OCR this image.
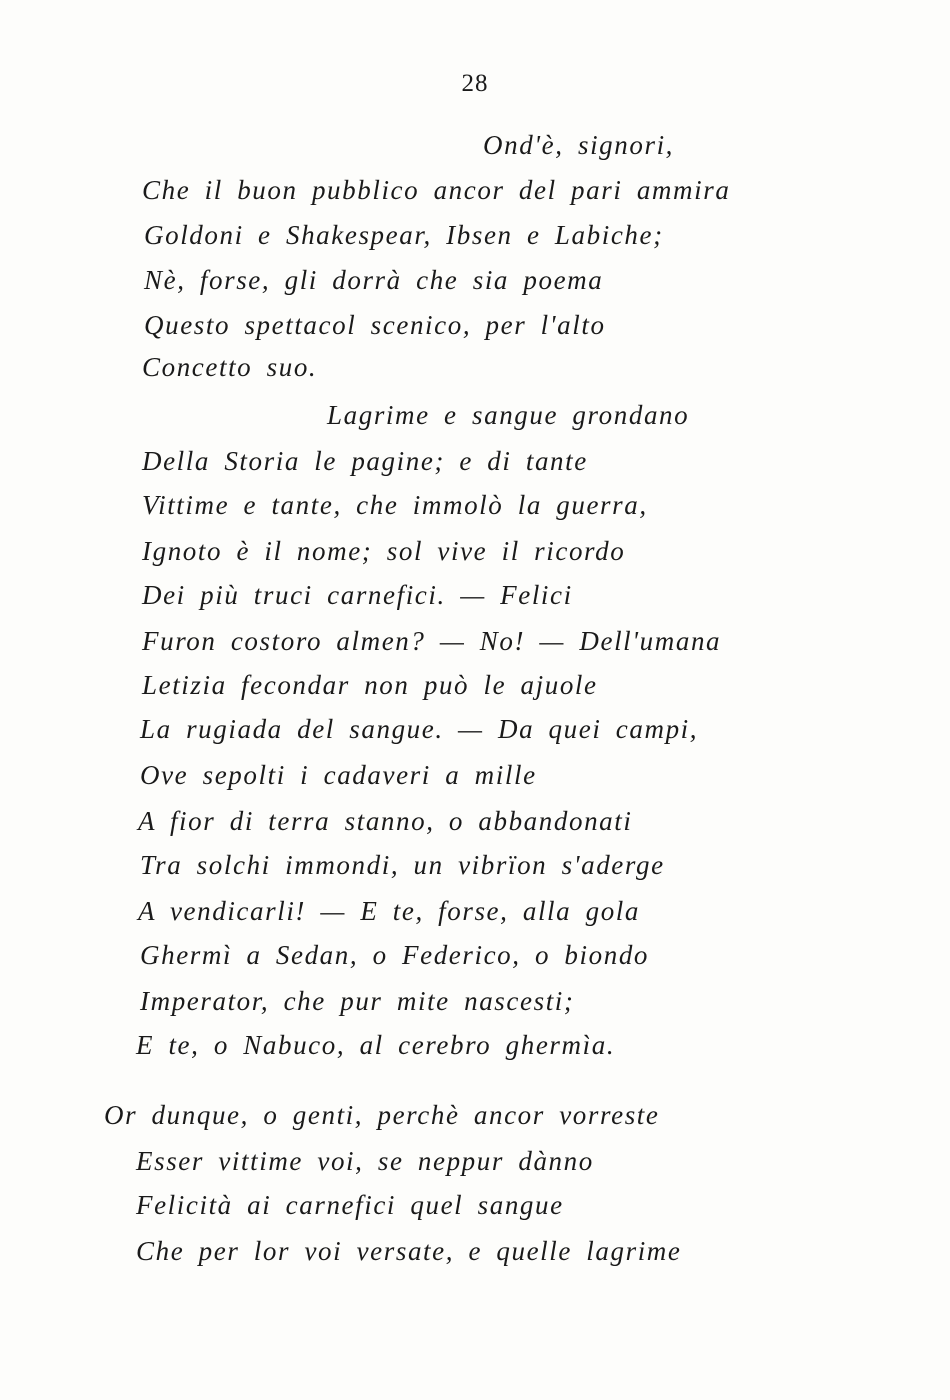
28

Ond'è, signori,

Che il buon pubblico ancor del pari ammira

Goldoni e Shakespear, Ibsen e Labiche;

Nè, forse, gli dorrà che sia poema

Questo spettacol scenico, per l'alto

Concetto suo.

Lagrime e sangue grondano

Della Storia le pagine; e di tante

Vittime e tante, che immolò la guerra,

Ignoto è il nome; sol vive il ricordo

Dei più truci carnefici. — Felici

Furon costoro almen? — No! — Dell'umana

Letizia fecondar non può le ajuole

La rugiada del sangue. — Da quei campi,

Ove sepolti i cadaveri a mille

A fior di terra stanno, o abbandonati

Tra solchi immondi, un vibrïon s'aderge

A vendicarli! — E te, forse, alla gola

Ghermì a Sedan, o Federico, o biondo

Imperator, che pur mite nascesti;

E te, o Nabuco, al cerebro ghermìa.

Or dunque, o genti, perchè ancor vorreste

Esser vittime voi, se neppur dànno

Felicità ai carnefici quel sangue

Che per lor voi versate, e quelle lagrime
